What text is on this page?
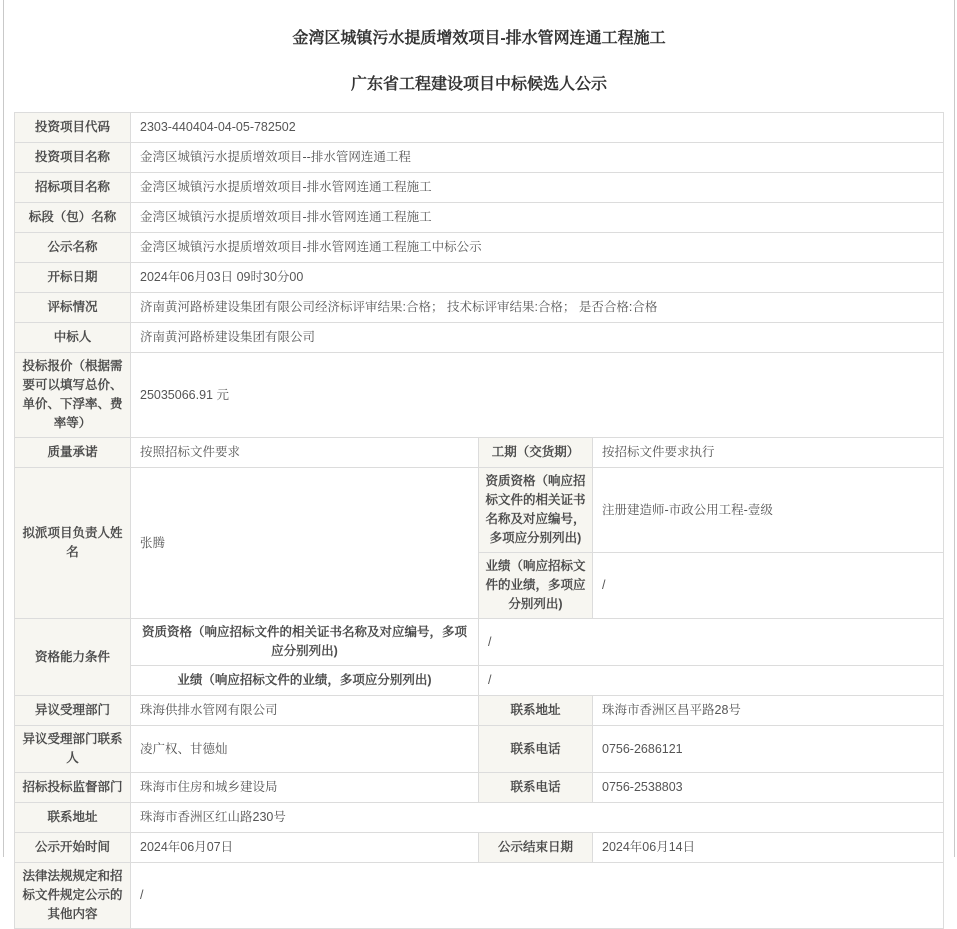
金湾区城镇污水提质增效项目-排水管网连通工程施工
广东省工程建设项目中标候选人公示
投资项目代码	2303-440404-04-05-782502		
投资项目名称	金湾区城镇污水提质增效项目--排水管网连通工程		
招标项目名称	金湾区城镇污水提质增效项目-排水管网连通工程施工		
标段（包）名称	金湾区城镇污水提质增效项目-排水管网连通工程施工		
公示名称	金湾区城镇污水提质增效项目-排水管网连通工程施工中标公示		
开标日期	2024年06月03日 09时30分00		
评标情况	济南黄河路桥建设集团有限公司经济标评审结果:合格； 技术标评审结果:合格； 是否合格:合格		
中标人	济南黄河路桥建设集团有限公司		
投标报价（根据需要可以填写总价、单价、下浮率、费率等）	25035066.91 元		
质量承诺	按照招标文件要求	工期（交货期）	按招标文件要求执行
拟派项目负责人姓名	张腾	资质资格（响应招标文件的相关证书名称及对应编号，多项应分别列出)	注册建造师-市政公用工程-壹级
		业绩（响应招标文件的业绩，多项应分别列出)	/
资格能力条件	资质资格（响应招标文件的相关证书名称及对应编号，多项应分别列出)	/	
	业绩（响应招标文件的业绩，多项应分别列出)	/	
异议受理部门	珠海供排水管网有限公司	联系地址	珠海市香洲区昌平路28号
异议受理部门联系人	凌广权、甘德灿	联系电话	0756-2686121
招标投标监督部门	珠海市住房和城乡建设局	联系电话	0756-2538803
联系地址	珠海市香洲区红山路230号		
公示开始时间	2024年06月07日	公示结束日期	2024年06月14日
法律法规规定和招标文件规定公示的其他内容	/		
